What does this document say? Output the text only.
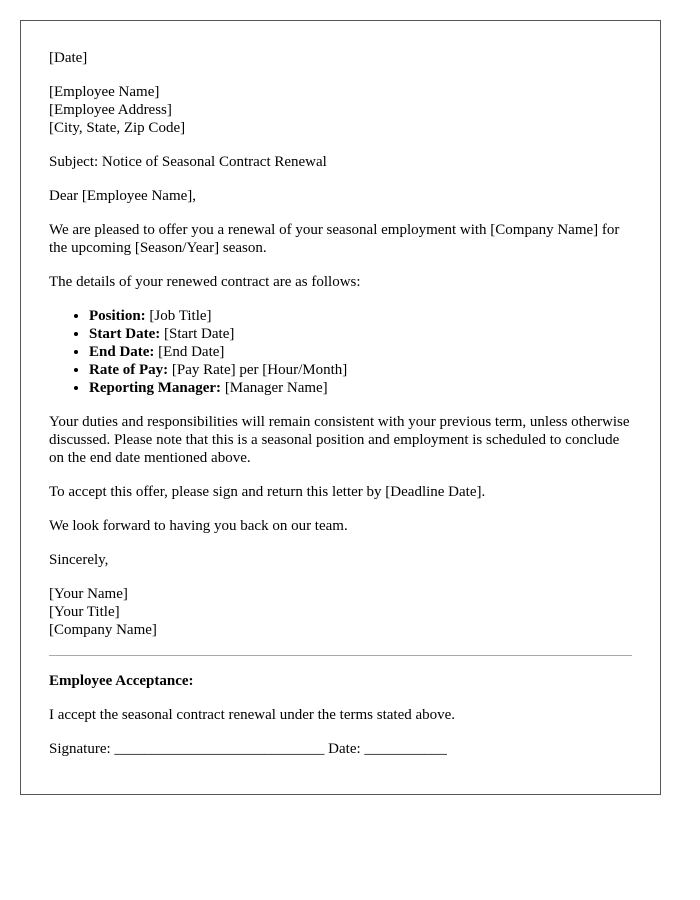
[Date]

[Employee Name]
[Employee Address]
[City, State, Zip Code]

Subject: Notice of Seasonal Contract Renewal

Dear [Employee Name],

We are pleased to offer you a renewal of your seasonal employment with [Company Name] for the upcoming [Season/Year] season.

The details of your renewed contract are as follows:

• Position: [Job Title]
• Start Date: [Start Date]
• End Date: [End Date]
• Rate of Pay: [Pay Rate] per [Hour/Month]
• Reporting Manager: [Manager Name]

Your duties and responsibilities will remain consistent with your previous term, unless otherwise discussed. Please note that this is a seasonal position and employment is scheduled to conclude on the end date mentioned above.

To accept this offer, please sign and return this letter by [Deadline Date].

We look forward to having you back on our team.

Sincerely,

[Your Name]
[Your Title]
[Company Name]

Employee Acceptance:

I accept the seasonal contract renewal under the terms stated above.

Signature: ____________________________ Date: ___________
